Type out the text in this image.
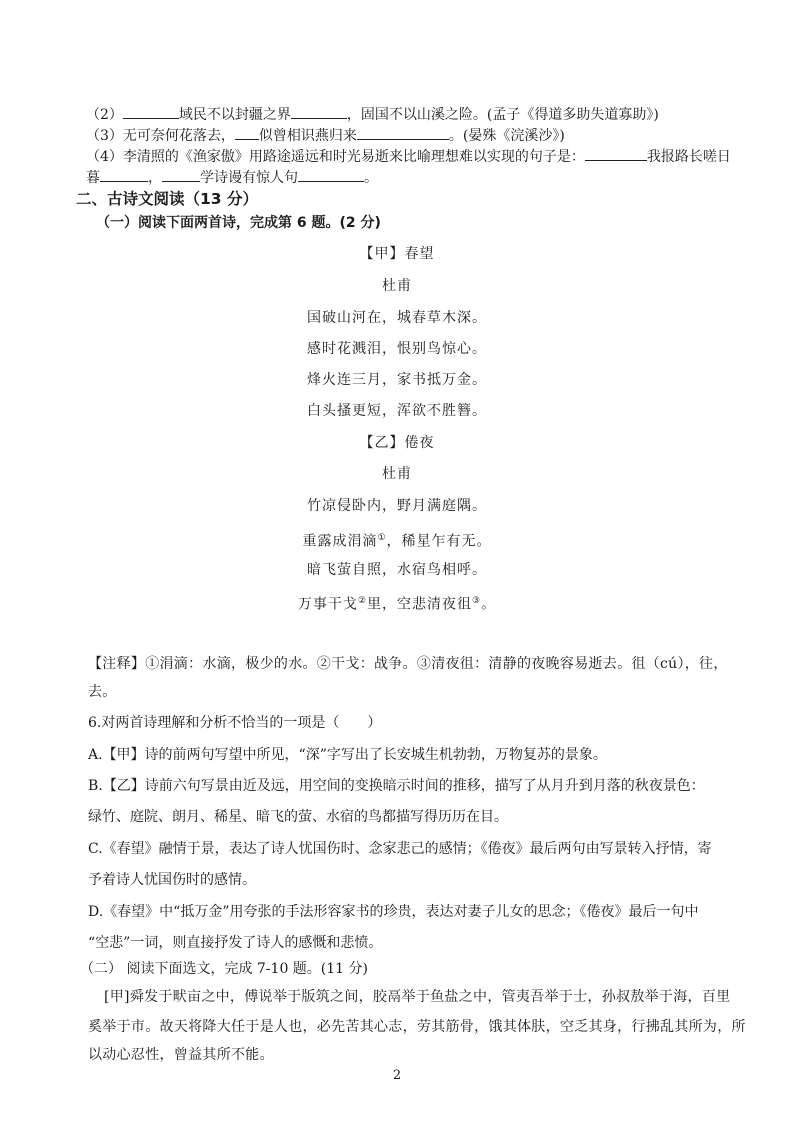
（2）	域民不以封疆之界	，固国不以山溪之险。(孟子《得道多助失道寡助》)
（3）无可奈何花落去， 似曾相识燕归来	。(晏殊《浣溪沙》)
（4）李清照的《渔家傲》用路途遥远和时光易逝来比喻理想难以实现的句子是：	我报路长嗟日
暮	，	学诗谩有惊人句	。
二、古诗文阅读（13 分）
（一）阅读下面两首诗，完成第 6 题。(2 分)
【甲】春望
杜甫
国破山河在，城春草木深。
感时花溅泪，恨别鸟惊心。
烽火连三月，家书抵万金。
白头搔更短，浑欲不胜簪。
【乙】倦夜
杜甫
竹凉侵卧内，野月满庭隅。
重露成涓滴①，稀星乍有无。
暗飞萤自照，水宿鸟相呼。
万事干戈②里，空悲清夜徂③。
【注释】①涓滴：水滴，极少的水。②干戈：战争。③清夜徂：清静的夜晚容易逝去。徂（cú），往，
去。
6.对两首诗理解和分析不恰当的一项是（　　）
A.【甲】诗的前两句写望中所见，“深”字写出了长安城生机勃勃，万物复苏的景象。
B.【乙】诗前六句写景由近及远，用空间的变换暗示时间的推移，描写了从月升到月落的秋夜景色：
绿竹、庭院、朗月、稀星、暗飞的萤、水宿的鸟都描写得历历在目。
C.《春望》融情于景，表达了诗人忧国伤时、念家悲己的感情；《倦夜》最后两句由写景转入抒情，寄
予着诗人忧国伤时的感情。
D.《春望》中“抵万金”用夸张的手法形容家书的珍贵，表达对妻子儿女的思念；《倦夜》最后一句中
“空悲”一词，则直接抒发了诗人的感慨和悲愤。
（二） 阅读下面选文，完成 7-10 题。(11 分)
[甲]舜发于畎亩之中，傅说举于版筑之间，胶鬲举于鱼盐之中，管夷吾举于士，孙叔敖举于海，百里
奚举于市。故天将降大任于是人也，必先苦其心志，劳其筋骨，饿其体肤，空乏其身，行拂乱其所为，所
以动心忍性，曾益其所不能。
2
